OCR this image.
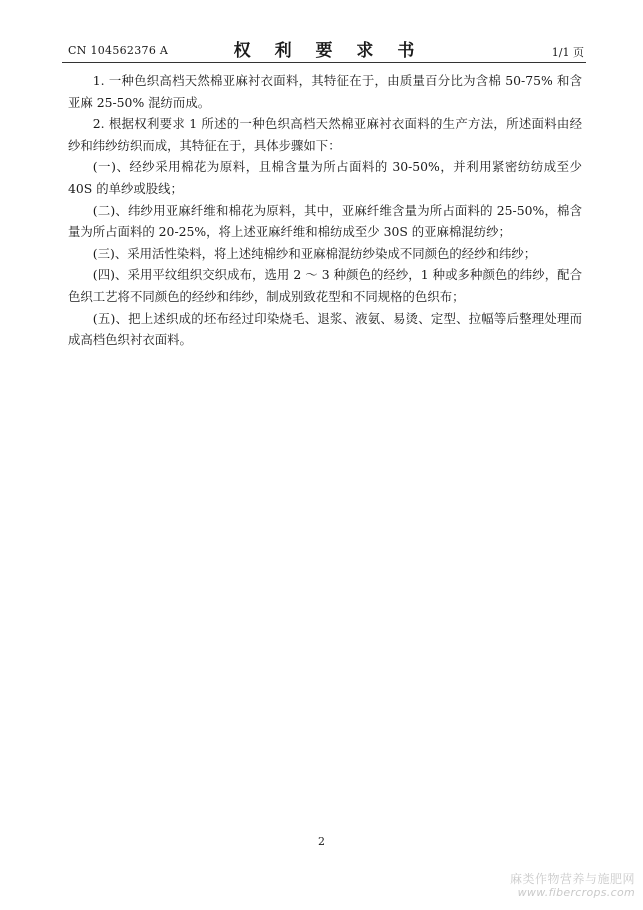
CN 104562376 A	权 利 要 求 书	1/1 页

1. 一种色织高档天然棉亚麻衬衣面料，其特征在于，由质量百分比为含棉 50-75% 和含亚麻 25-50% 混纺而成。

2. 根据权利要求 1 所述的一种色织高档天然棉亚麻衬衣面料的生产方法，所述面料由经纱和纬纱纺织而成，其特征在于，具体步骤如下：

(一)、经纱采用棉花为原料，且棉含量为所占面料的 30-50%，并利用紧密纺纺成至少 40S 的单纱或股线；

(二)、纬纱用亚麻纤维和棉花为原料，其中，亚麻纤维含量为所占面料的 25-50%，棉含量为所占面料的 20-25%，将上述亚麻纤维和棉纺成至少 30S 的亚麻棉混纺纱；

(三)、采用活性染料，将上述纯棉纱和亚麻棉混纺纱染成不同颜色的经纱和纬纱；

(四)、采用平纹组织交织成布，选用 2 ～ 3 种颜色的经纱，1 种或多种颜色的纬纱，配合色织工艺将不同颜色的经纱和纬纱，制成别致花型和不同规格的色织布；

(五)、把上述织成的坯布经过印染烧毛、退浆、液氨、易烫、定型、拉幅等后整理处理而成高档色织衬衣面料。

2
麻类作物营养与施肥网
www.fibercrops.com
